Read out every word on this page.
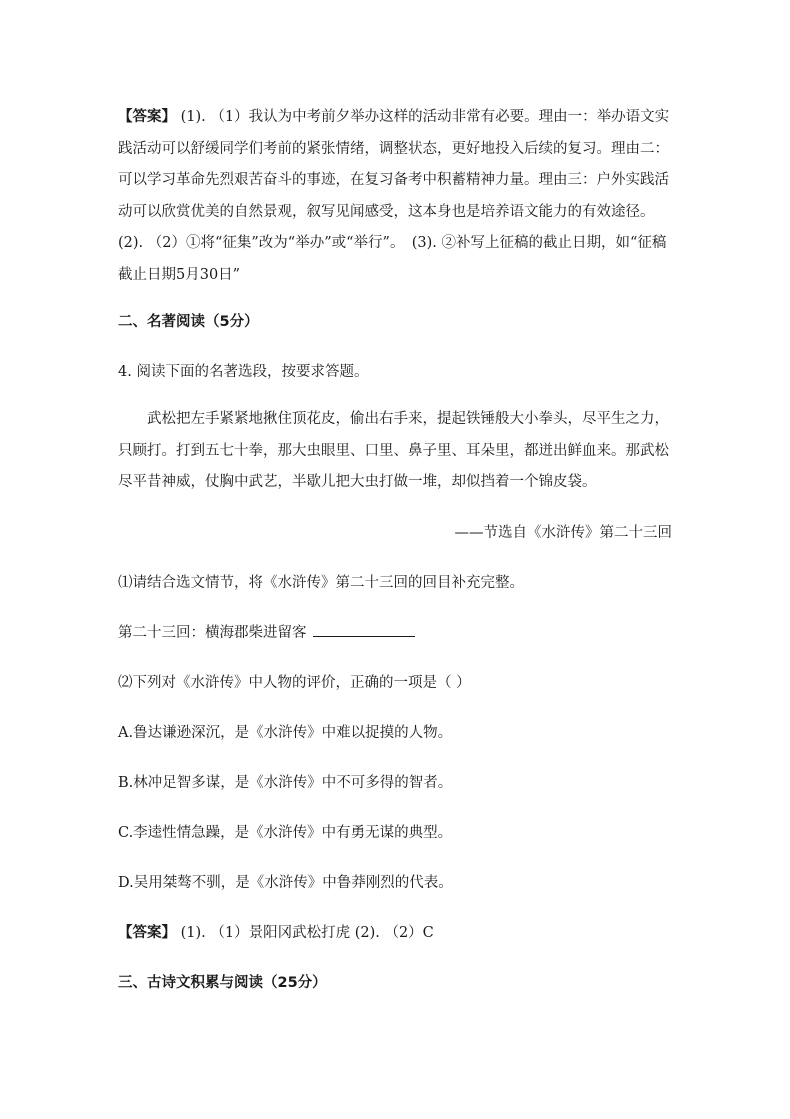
【答案】 (1). （1）我认为中考前夕举办这样的活动非常有必要。理由一：举办语文实践活动可以舒缓同学们考前的紧张情绪，调整状态，更好地投入后续的复习。理由二：可以学习革命先烈艰苦奋斗的事迹，在复习备考中积蓄精神力量。理由三：户外实践活动可以欣赏优美的自然景观，叙写见闻感受，这本身也是培养语文能力的有效途径。　　(2). （2）①将“征集”改为“举办”或“举行”。　(3). ②补写上征稿的截止日期，如“征稿截止日期5月30日”

二、名著阅读（5分）

4. 阅读下面的名著选段，按要求答题。

武松把左手紧紧地揪住顶花皮，偷出右手来，提起铁锤般大小拳头，尽平生之力，只顾打。打到五七十拳，那大虫眼里、口里、鼻子里、耳朵里，都迸出鲜血来。那武松尽平昔神威，仗胸中武艺，半歇儿把大虫打做一堆，却似挡着一个锦皮袋。

——节选自《水浒传》第二十三回

⑴请结合选文情节，将《水浒传》第二十三回的回目补充完整。

第二十三回：横海郡柴进留客

⑵下列对《水浒传》中人物的评价，正确的一项是（ ）

A.鲁达谦逊深沉，是《水浒传》中难以捉摸的人物。

B.林冲足智多谋，是《水浒传》中不可多得的智者。

C.李逵性情急躁，是《水浒传》中有勇无谋的典型。

D.吴用桀骜不驯，是《水浒传》中鲁莽刚烈的代表。

【答案】 (1). （1）景阳冈武松打虎 (2). （2）C

三、古诗文积累与阅读（25分）
